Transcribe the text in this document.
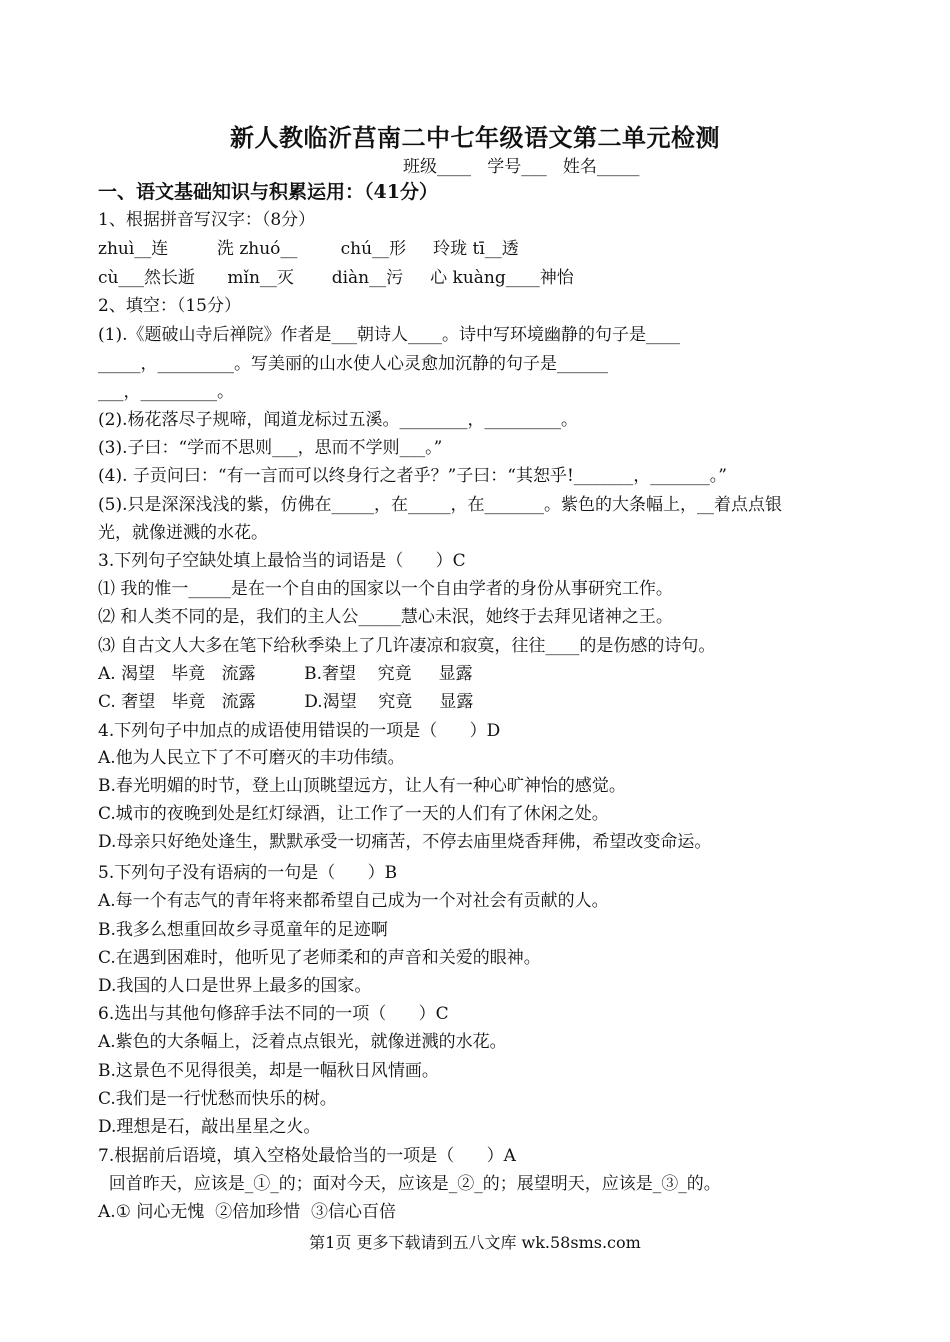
新人教临沂莒南二中七年级语文第二单元检测
班级____   学号___   姓名_____
一、语文基础知识与积累运用：（41分）
1、根据拼音写汉字：（8分）
zhuì__连         洗 zhuó__        chú__形     玲珑 tī__透
cù___然长逝      mǐn__灭       diàn__污     心 kuàng____神怡
2、填空：（15分）
(1).《题破山寺后禅院》作者是___朝诗人____。诗中写环境幽静的句子是____
_____，_________。写美丽的山水使人心灵愈加沉静的句子是______
___，_________。
(2).杨花落尽子规啼，闻道龙标过五溪。________，_________。
(3).子曰：“学而不思则___，思而不学则___。”
(4). 子贡问曰：“有一言而可以终身行之者乎？”子曰：“其恕乎!_______，_______。”
(5).只是深深浅浅的紫，仿佛在_____，在_____，在_______。紫色的大条幅上，__着点点银
光，就像迸溅的水花。
3.下列句子空缺处填上最恰当的词语是（      ）C
⑴ 我的惟一_____是在一个自由的国家以一个自由学者的身份从事研究工作。
⑵ 和人类不同的是，我们的主人公_____慧心未泯，她终于去拜见诸神之王。
⑶ 自古文人大多在笔下给秋季染上了几许凄凉和寂寞，往往____的是伤感的诗句。
A. 渴望   毕竟   流露         B.奢望    究竟     显露
C. 奢望   毕竟   流露         D.渴望    究竟     显露
4.下列句子中加点的成语使用错误的一项是（      ）D
A.他为人民立下了不可磨灭的丰功伟绩。
B.春光明媚的时节，登上山顶眺望远方，让人有一种心旷神怡的感觉。
C.城市的夜晚到处是红灯绿酒，让工作了一天的人们有了休闲之处。
D.母亲只好绝处逢生，默默承受一切痛苦，不停去庙里烧香拜佛，希望改变命运。
5.下列句子没有语病的一句是（      ）B
A.每一个有志气的青年将来都希望自己成为一个对社会有贡献的人。
B.我多么想重回故乡寻觅童年的足迹啊
C.在遇到困难时，他听见了老师柔和的声音和关爱的眼神。
D.我国的人口是世界上最多的国家。
6.选出与其他句修辞手法不同的一项（      ）C
A.紫色的大条幅上，泛着点点银光，就像迸溅的水花。
B.这景色不见得很美，却是一幅秋日风情画。
C.我们是一行忧愁而快乐的树。
D.理想是石，敲出星星之火。
7.根据前后语境，填入空格处最恰当的一项是（      ）A
回首昨天，应该是_①_的；面对今天，应该是_②_的；展望明天，应该是_③_的。
A.① 问心无愧  ②倍加珍惜  ③信心百倍
第1页 更多下载请到五八文库 wk.58sms.com
